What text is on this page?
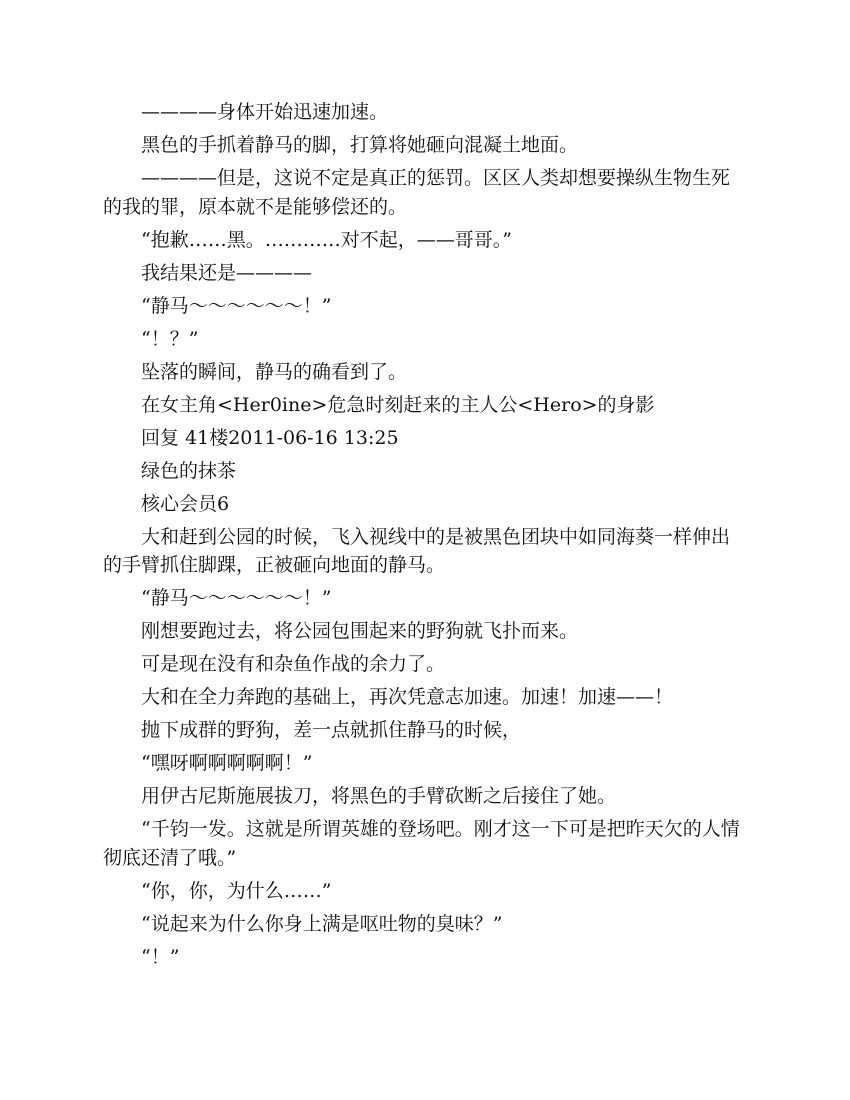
————身体开始迅速加速。

黑色的手抓着静马的脚，打算将她砸向混凝土地面。

————但是，这说不定是真正的惩罚。区区人类却想要操纵生物生死的我的罪，原本就不是能够偿还的。

“抱歉……黑。…………对不起，——哥哥。”

我结果还是————

“静马～～～～～～！”

“！？”

坠落的瞬间，静马的确看到了。

在女主角<Her0ine>危急时刻赶来的主人公<Hero>的身影

回复 41楼2011-06-16 13:25

绿色的抹茶

核心会员6

大和赶到公园的时候，飞入视线中的是被黑色团块中如同海葵一样伸出的手臂抓住脚踝，正被砸向地面的静马。

“静马～～～～～～！”

刚想要跑过去，将公园包围起来的野狗就飞扑而来。

可是现在没有和杂鱼作战的余力了。

大和在全力奔跑的基础上，再次凭意志加速。加速！加速——！

抛下成群的野狗，差一点就抓住静马的时候，

“嘿呀啊啊啊啊啊！”

用伊古尼斯施展拔刀，将黑色的手臂砍断之后接住了她。

“千钧一发。这就是所谓英雄的登场吧。刚才这一下可是把昨天欠的人情彻底还清了哦。”

“你，你，为什么……”

“说起来为什么你身上满是呕吐物的臭味？”

“！”
